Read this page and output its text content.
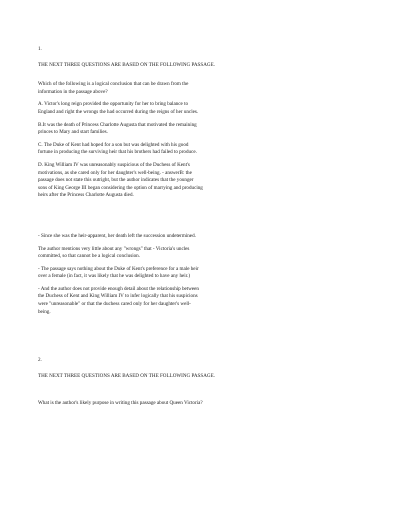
1.

THE NEXT THREE QUESTIONS ARE BASED ON THE FOLLOWING PASSAGE.

Which of the following is a logical conclusion that can be drawn from the
information in the passage above?

A. Victor's long reign provided the opportunity for her to bring balance to
England and right the wrongs the had occurred during the reigns of her uncles.

B.It was the death of Princess Charlotte Augusta that motivated the remaining
princes to Mary and start families.

C. The Duke of Kent had hoped for a son but was delighted with his good
fortune in producing the surviving heir that his brothers had failed to produce.

D. King William IV was unreasonably suspicious of the Duchess of Kent's
motivations, as she cared only for her daughter's well-being. - answerB: the
passage does not state this outright, but the author indicates that the younger
sons of King George III began considering the option of marrying and producing
heirs after the Princess Charlotte Augusta died.

- Since she was the heir-apparent, her death left the succession undetermined.

The author mentions very little about any "wrongs" that - Victoria's uncles
committed, so that cannot be a logical conclusion.

- The passage says nothing about the Duke of Kent's preference for a male heir
over a female (in fact, it was likely that he was delighted to have any heir.)

- And the author does not provide enough detail about the relationship between
the Duchess of Kent and King William IV to infer logically that his suspicions
were "unreasonable" or that the duchess cared only for her daughter's well-
being.

2.

THE NEXT THREE QUESTIONS ARE BASED ON THE FOLLOWING PASSAGE.

What is the author's likely purpose in writing this passage about Queen Victoria?
